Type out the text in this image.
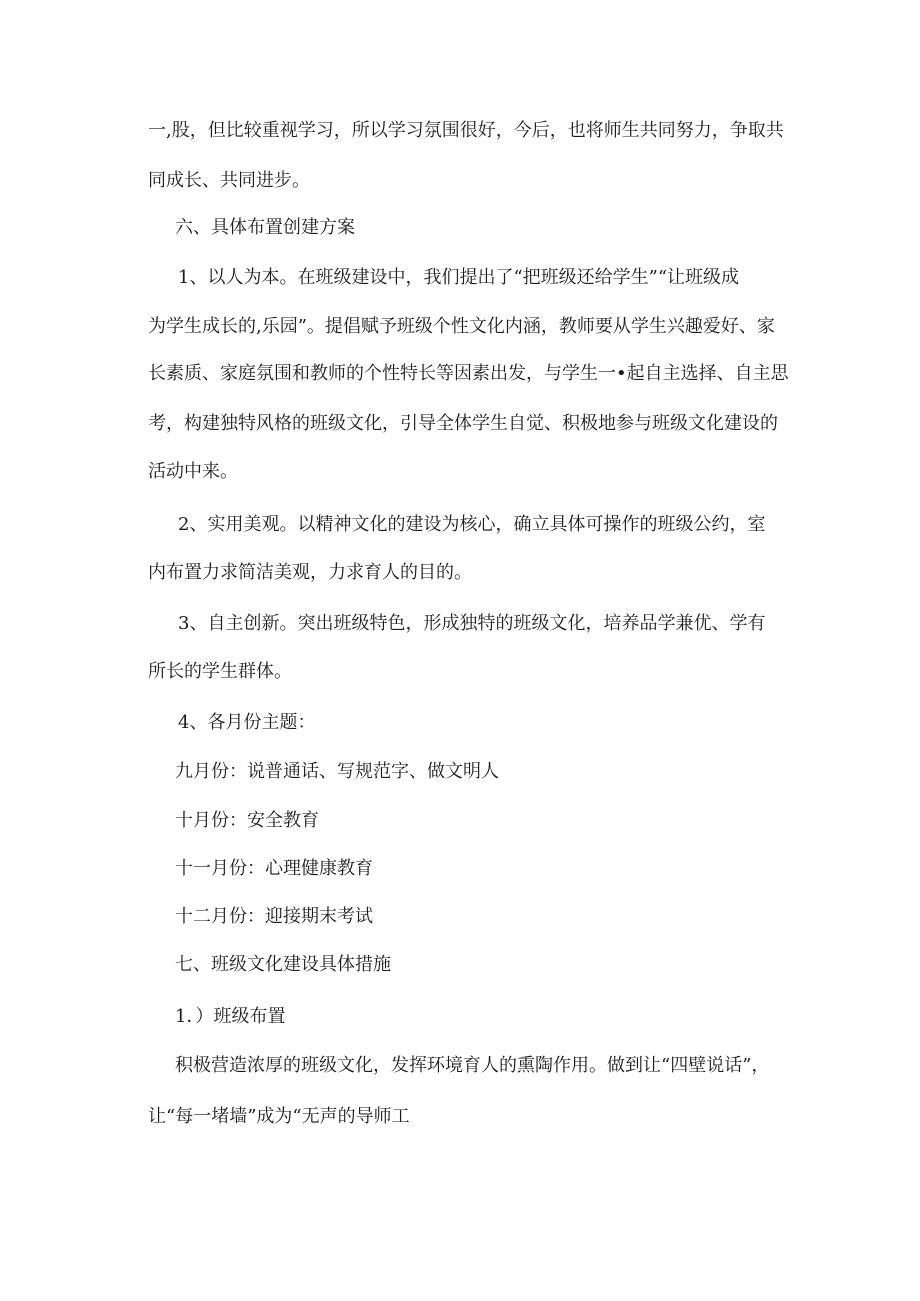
一,股，但比较重视学习，所以学习氛围很好，今后，也将师生共同努力，争取共
同成长、共同进步。
六、具体布置创建方案
1、以人为本。在班级建设中，我们提出了“把班级还给学生”“让班级成
为学生成长的,乐园”。提倡赋予班级个性文化内涵，教师要从学生兴趣爱好、家
长素质、家庭氛围和教师的个性特长等因素出发，与学生一•起自主选择、自主思
考，构建独特风格的班级文化，引导全体学生自觉、积极地参与班级文化建设的
活动中来。
2、实用美观。以精神文化的建设为核心，确立具体可操作的班级公约，室
内布置力求简洁美观，力求育人的目的。
3、自主创新。突出班级特色，形成独特的班级文化，培养品学兼优、学有
所长的学生群体。
4、各月份主题：
九月份：说普通话、写规范字、做文明人
十月份：安全教育
十一月份：心理健康教育
十二月份：迎接期末考试
七、班级文化建设具体措施
1．）班级布置
积极营造浓厚的班级文化，发挥环境育人的熏陶作用。做到让“四壁说话”，
让“每一堵墙”成为“无声的导师工
